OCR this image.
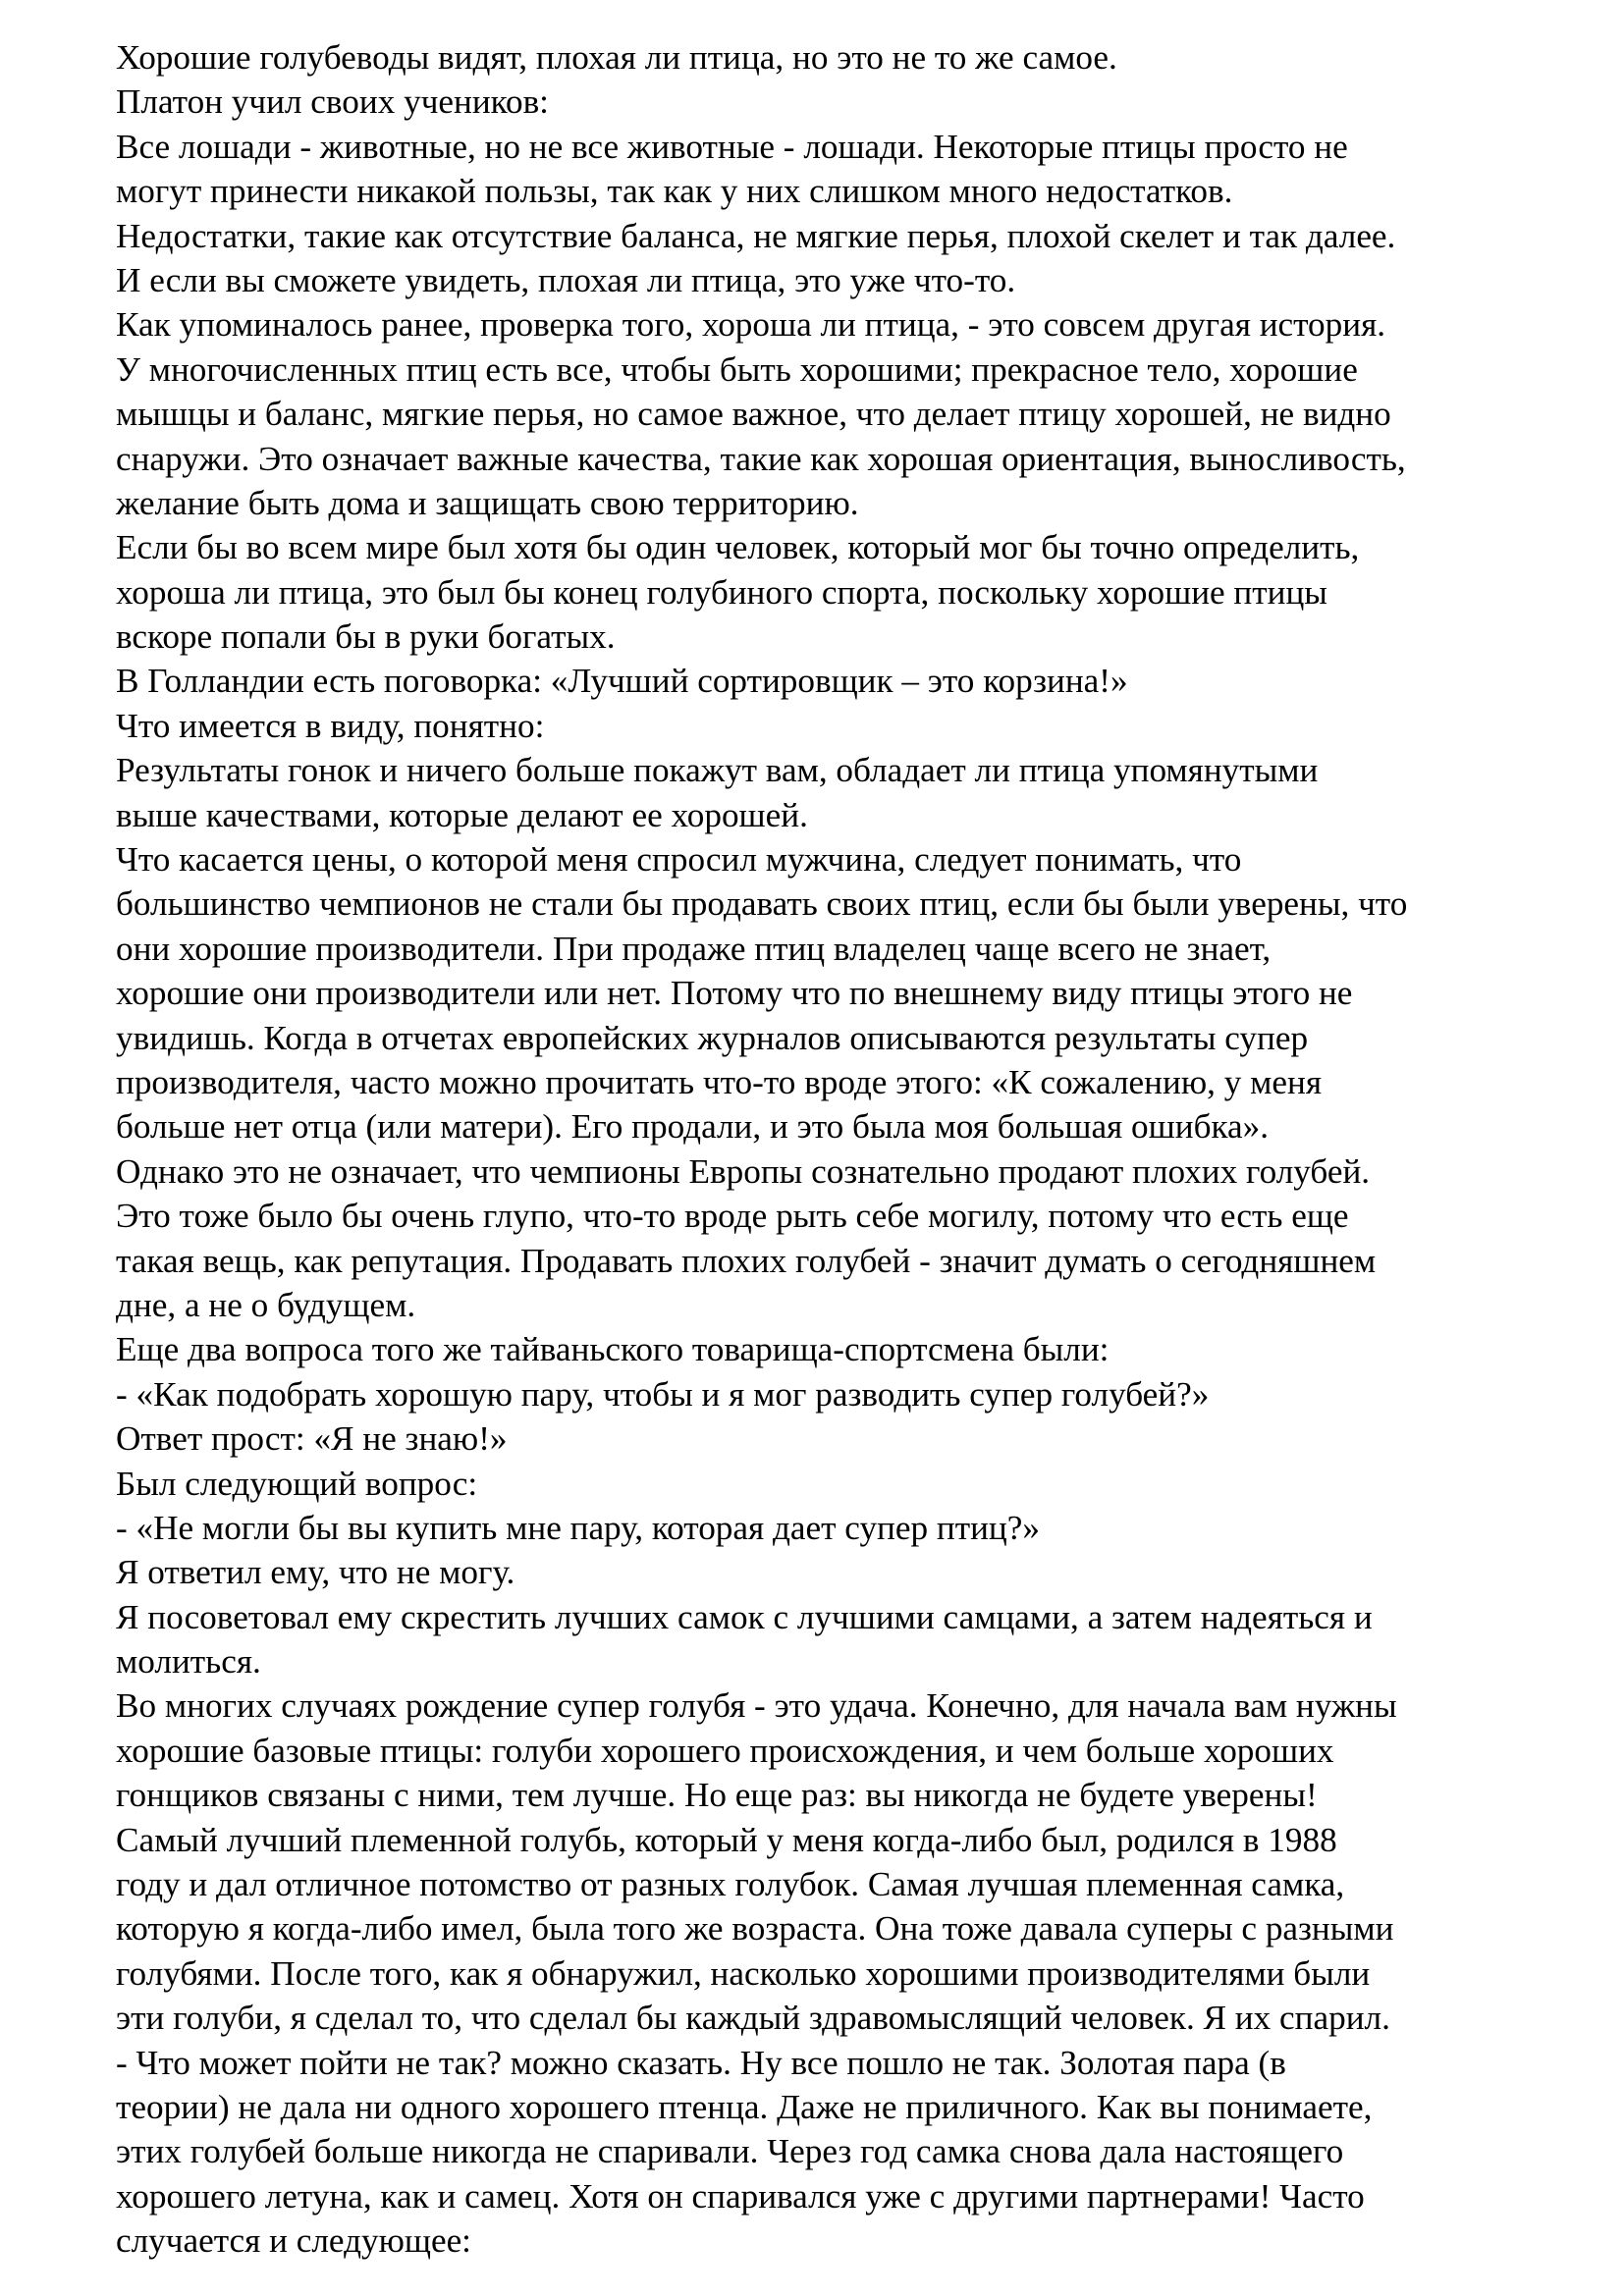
Хорошие голубеводы видят, плохая ли птица, но это не то же самое.
Платон учил своих учеников:
Все лошади - животные, но не все животные - лошади. Некоторые птицы просто не
могут принести никакой пользы, так как у них слишком много недостатков.
Недостатки, такие как отсутствие баланса, не мягкие перья, плохой скелет и так далее.
И если вы сможете увидеть, плохая ли птица, это уже что-то.
Как упоминалось ранее, проверка того, хороша ли птица, - это совсем другая история.
У многочисленных птиц есть все, чтобы быть хорошими; прекрасное тело, хорошие
мышцы и баланс, мягкие перья, но самое важное, что делает птицу хорошей, не видно
снаружи. Это означает важные качества, такие как хорошая ориентация, выносливость,
желание быть дома и защищать свою территорию.
Если бы во всем мире был хотя бы один человек, который мог бы точно определить,
хороша ли птица, это был бы конец голубиного спорта, поскольку хорошие птицы
вскоре попали бы в руки богатых.
В Голландии есть поговорка: «Лучший сортировщик – это корзина!»
Что имеется в виду, понятно:
Результаты гонок и ничего больше покажут вам, обладает ли птица упомянутыми
выше качествами, которые делают ее хорошей.
Что касается цены, о которой меня спросил мужчина, следует понимать, что
большинство чемпионов не стали бы продавать своих птиц, если бы были уверены, что
они хорошие производители. При продаже птиц владелец чаще всего не знает,
хорошие они производители или нет. Потому что по внешнему виду птицы этого не
увидишь. Когда в отчетах европейских журналов описываются результаты супер
производителя, часто можно прочитать что-то вроде этого: «К сожалению, у меня
больше нет отца (или матери). Его продали, и это была моя большая ошибка».
Однако это не означает, что чемпионы Европы сознательно продают плохих голубей.
Это тоже было бы очень глупо, что-то вроде рыть себе могилу, потому что есть еще
такая вещь, как репутация. Продавать плохих голубей - значит думать о сегодняшнем
дне, а не о будущем.
Еще два вопроса того же тайваньского товарища-спортсмена были:
- «Как подобрать хорошую пару, чтобы и я мог разводить супер голубей?»
Ответ прост: «Я не знаю!»
Был следующий вопрос:
- «Не могли бы вы купить мне пару, которая дает супер птиц?»
Я ответил ему, что не могу.
Я посоветовал ему скрестить лучших самок с лучшими самцами, а затем надеяться и
молиться.
Во многих случаях рождение супер голубя - это удача. Конечно, для начала вам нужны
хорошие базовые птицы: голуби хорошего происхождения, и чем больше хороших
гонщиков связаны с ними, тем лучше. Но еще раз: вы никогда не будете уверены!
Самый лучший племенной голубь, который у меня когда-либо был, родился в 1988
году и дал отличное потомство от разных голубок. Самая лучшая племенная самка,
которую я когда-либо имел, была того же возраста. Она тоже давала суперы с разными
голубями. После того, как я обнаружил, насколько хорошими производителями были
эти голуби, я сделал то, что сделал бы каждый здравомыслящий человек. Я их спарил.
- Что может пойти не так? можно сказать. Ну все пошло не так. Золотая пара (в
теории) не дала ни одного хорошего птенца. Даже не приличного. Как вы понимаете,
этих голубей больше никогда не спаривали. Через год самка снова дала настоящего
хорошего летуна, как и самец. Хотя он спаривался уже с другими партнерами! Часто
случается и следующее:
